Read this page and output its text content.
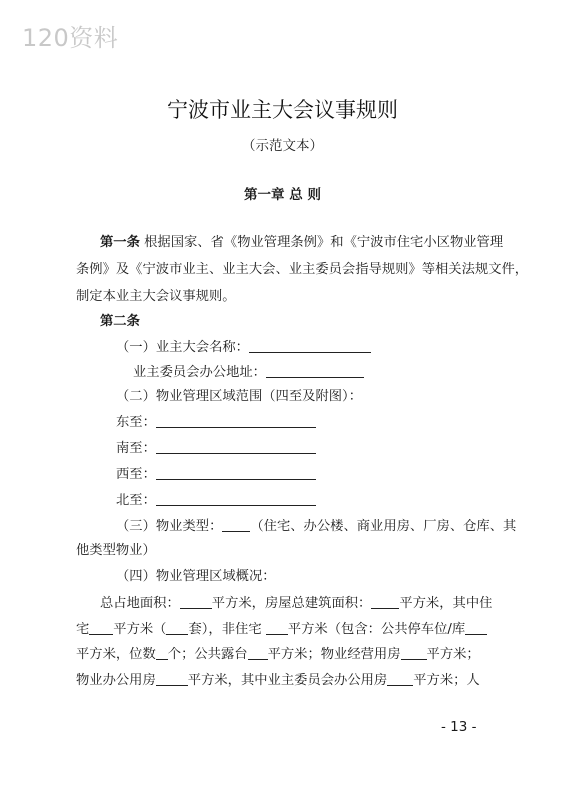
120资料
宁波市业主大会议事规则
（示范文本）
第一章 总 则
第一条 根据国家、省《物业管理条例》和《宁波市住宅小区物业管理
条例》及《宁波市业主、业主大会、业主委员会指导规则》等相关法规文件，
制定本业主大会议事规则。
第二条
（一）业主大会名称：
业主委员会办公地址：
（二）物业管理区域范围（四至及附图）：
东至：
南至：
西至：
北至：
（三）物业类型： （住宅、办公楼、商业用房、厂房、仓库、其
他类型物业）
（四）物业管理区域概况：
总占地面积： 平方米，房屋总建筑面积： 平方米，其中住
宅 平方米（ 套），非住宅 平方米（包含：公共停车位/库
平方米，位数 个；公共露台 平方米；物业经营用房 平方米；
物业办公用房 平方米，其中业主委员会办公用房 平方米；人
- 13 -
